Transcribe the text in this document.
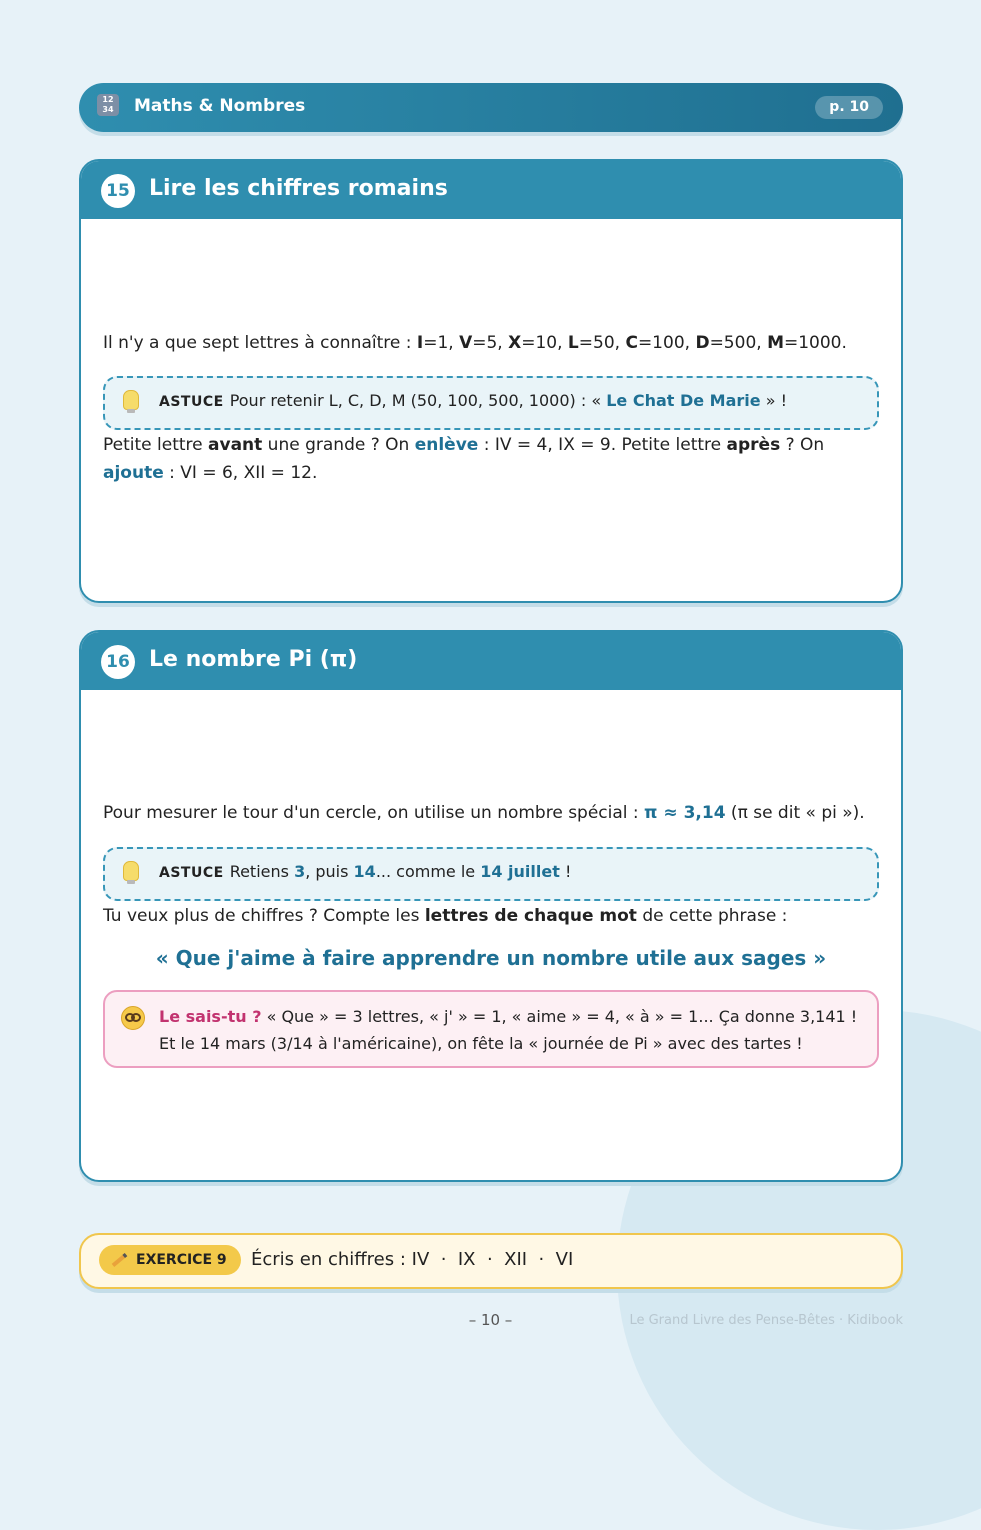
12
34	Maths & Nombres	p. 10
15 Lire les chiffres romains
Il n'y a que sept lettres à connaître : I=1, V=5, X=10, L=50, C=100, D=500, M=1000.
ASTUCE Pour retenir L, C, D, M (50, 100, 500, 1000) : « Le Chat De Marie » !
Petite lettre avant une grande ? On enlève : IV = 4, IX = 9. Petite lettre après ? On ajoute : VI = 6, XII = 12.
16 Le nombre Pi (π)
Pour mesurer le tour d'un cercle, on utilise un nombre spécial : π ≈ 3,14 (π se dit « pi »).
ASTUCE Retiens 3, puis 14... comme le 14 juillet !
Tu veux plus de chiffres ? Compte les lettres de chaque mot de cette phrase :
« Que j'aime à faire apprendre un nombre utile aux sages »
Le sais-tu ? « Que » = 3 lettres, « j' » = 1, « aime » = 4, « à » = 1... Ça donne 3,141 ! Et le 14 mars (3/14 à l'américaine), on fête la « journée de Pi » avec des tartes !
EXERCICE 9	Écris en chiffres : IV  ·  IX  ·  XII  ·  VI
– 10 –	Le Grand Livre des Pense-Bêtes · Kidibook
